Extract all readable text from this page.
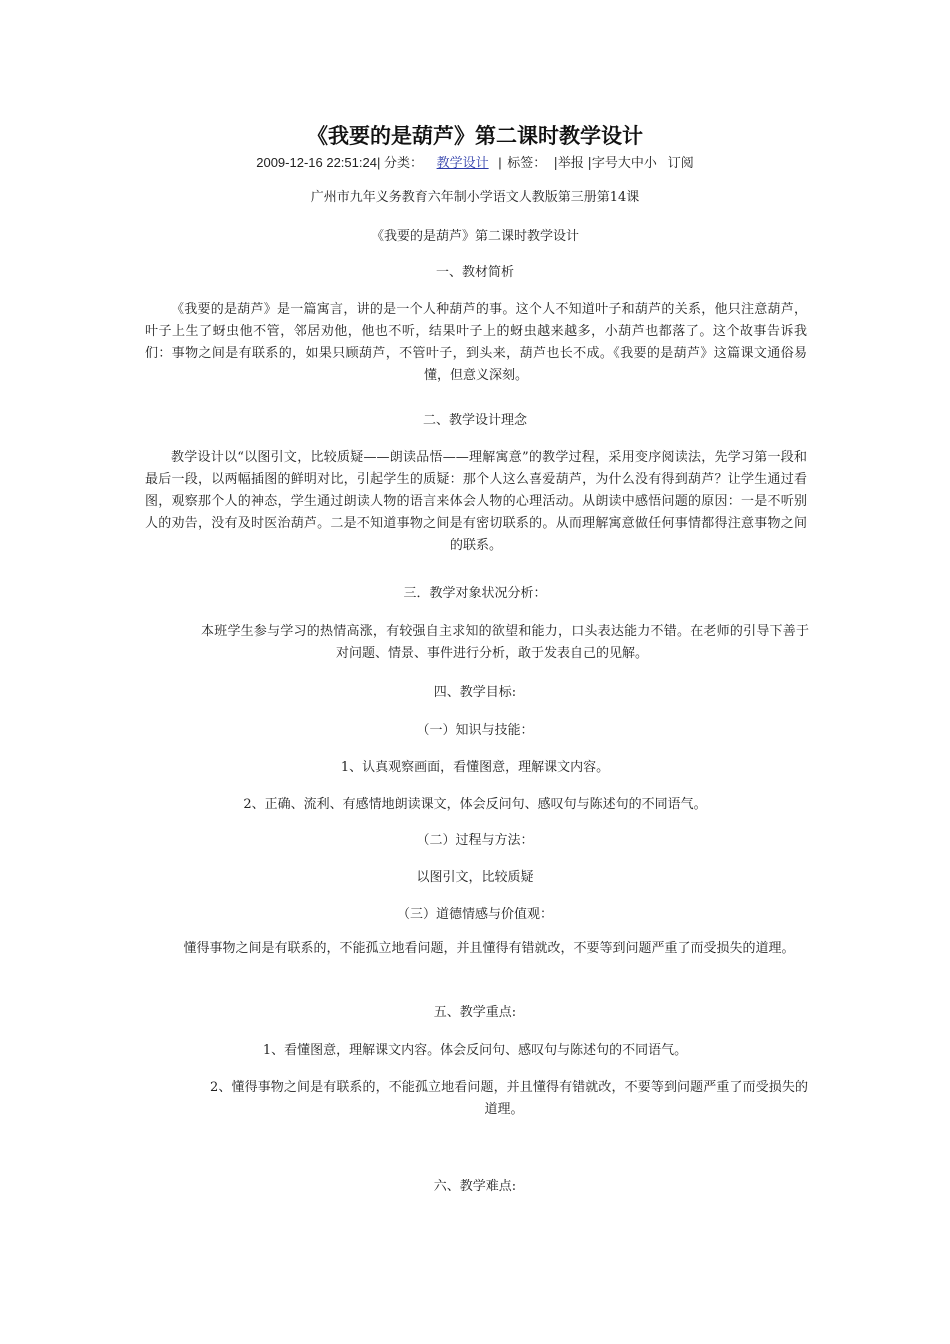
《我要的是葫芦》第二课时教学设计
2009-12-16 22:51:24| 分类： 教学设计 | 标签： |举报 |字号大中小 订阅
广州市九年义务教育六年制小学语文人教版第三册第14课
《我要的是葫芦》第二课时教学设计
一、教材简析
《我要的是葫芦》是一篇寓言，讲的是一个人种葫芦的事。这个人不知道叶子和葫芦的关系，他只注意葫芦，叶子上生了蚜虫他不管，邻居劝他，他也不听，结果叶子上的蚜虫越来越多，小葫芦也都落了。这个故事告诉我们：事物之间是有联系的，如果只顾葫芦，不管叶子，到头来，葫芦也长不成。《我要的是葫芦》这篇课文通俗易懂，但意义深刻。
二、教学设计理念
教学设计以“以图引文，比较质疑——朗读品悟——理解寓意”的教学过程，采用变序阅读法，先学习第一段和最后一段，以两幅插图的鲜明对比，引起学生的质疑：那个人这么喜爱葫芦，为什么没有得到葫芦？让学生通过看图，观察那个人的神态，学生通过朗读人物的语言来体会人物的心理活动。从朗读中感悟问题的原因：一是不听别人的劝告，没有及时医治葫芦。二是不知道事物之间是有密切联系的。从而理解寓意做任何事情都得注意事物之间的联系。
三．教学对象状况分析：
本班学生参与学习的热情高涨，有较强自主求知的欲望和能力，口头表达能力不错。在老师的引导下善于对问题、情景、事件进行分析，敢于发表自己的见解。
四、教学目标:
（一）知识与技能：
1、认真观察画面，看懂图意，理解课文内容。
2、正确、流利、有感情地朗读课文，体会反问句、感叹句与陈述句的不同语气。
（二）过程与方法：
以图引文，比较质疑
（三）道德情感与价值观：
懂得事物之间是有联系的，不能孤立地看问题，并且懂得有错就改，不要等到问题严重了而受损失的道理。
五、教学重点:
1、看懂图意，理解课文内容。体会反问句、感叹句与陈述句的不同语气。
2、懂得事物之间是有联系的，不能孤立地看问题，并且懂得有错就改，不要等到问题严重了而受损失的道理。
六、教学难点:
